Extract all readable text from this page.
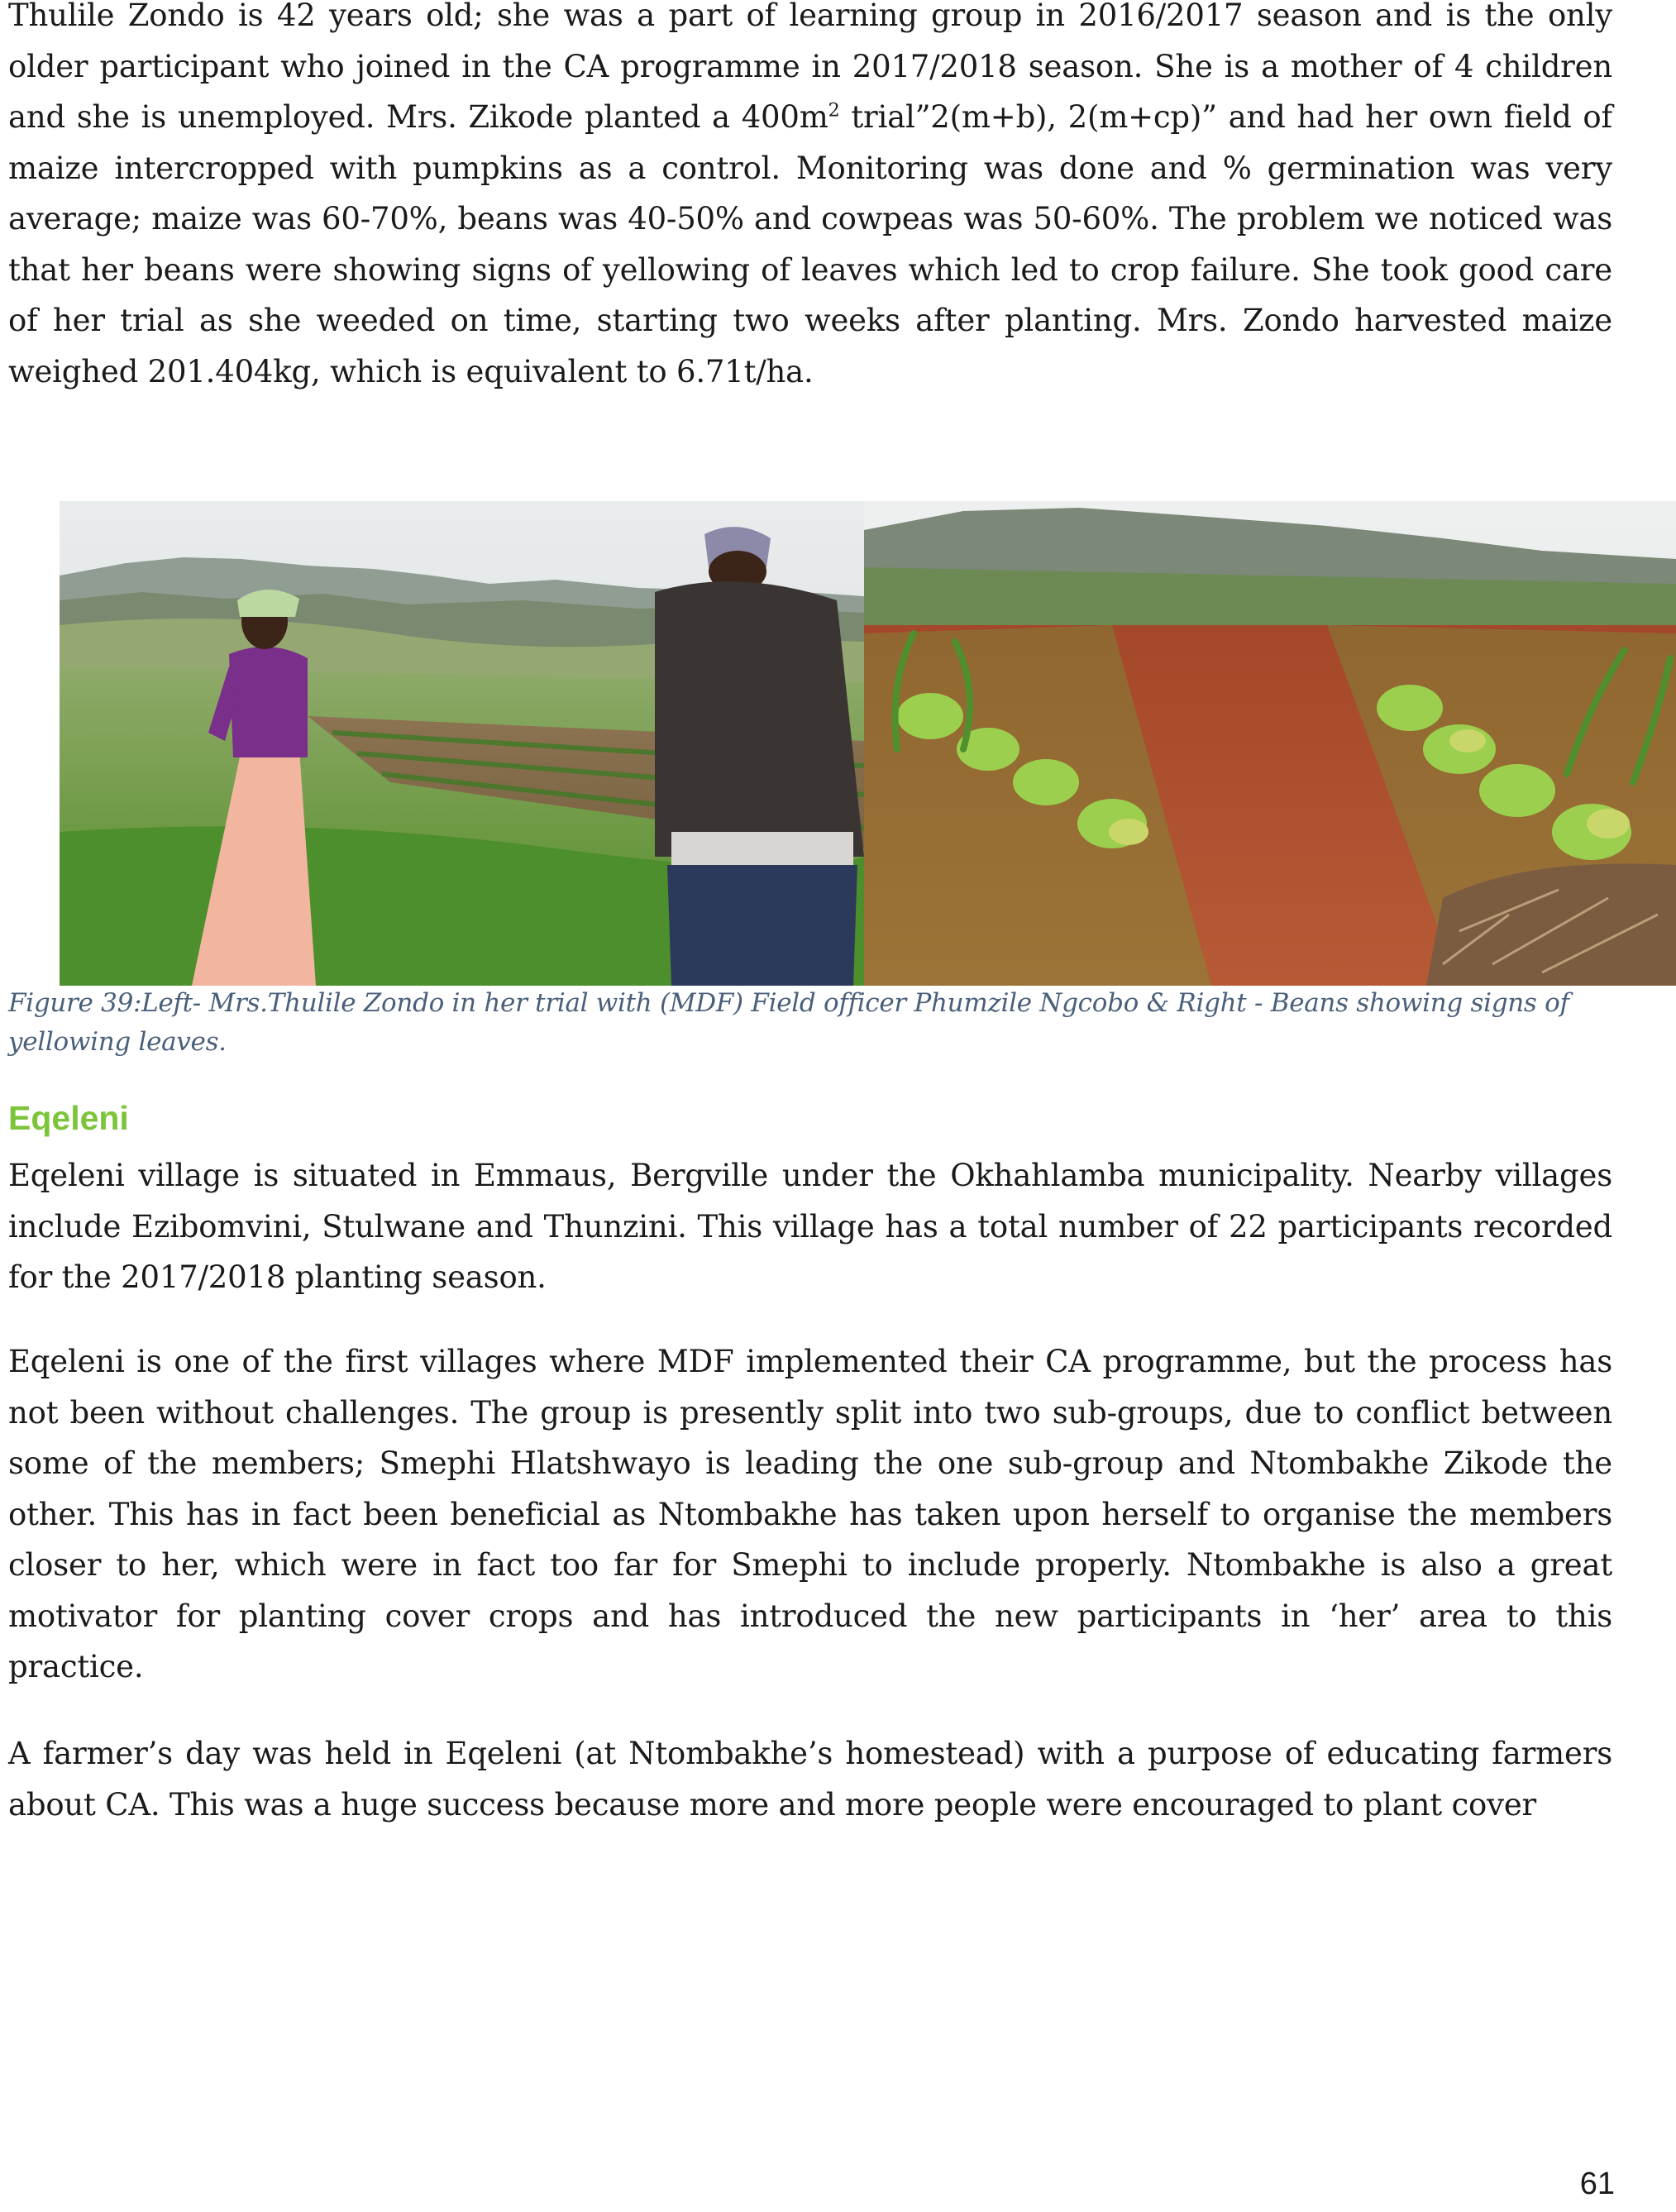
Thulile Zondo is 42 years old; she was a part of learning group in 2016/2017 season and is the only older participant who joined in the CA programme in 2017/2018 season. She is a mother of 4 children and she is unemployed. Mrs. Zikode planted a $400m^2$ trial”2(m+b), 2(m+cp)” and had her own field of maize intercropped with pumpkins as a control. Monitoring was done and % germination was very average; maize was 60-70%, beans was 40-50% and cowpeas was 50-60%. The problem we noticed was that her beans were showing signs of yellowing of leaves which led to crop failure. She took good care of her trial as she weeded on time, starting two weeks after planting. Mrs. Zondo harvested maize weighed 201.404kg, which is equivalent to 6.71t/ha.

Figure 39:Left- Mrs.Thulile Zondo in her trial with (MDF) Field officer Phumzile Ngcobo & Right - Beans showing signs of yellowing leaves.

Eqeleni

Eqeleni village is situated in Emmaus, Bergville under the Okhahlamba municipality. Nearby villages include Ezibomvini, Stulwane and Thunzini. This village has a total number of 22 participants recorded for the 2017/2018 planting season.

Eqeleni is one of the first villages where MDF implemented their CA programme, but the process has not been without challenges. The group is presently split into two sub-groups, due to conflict between some of the members; Smephi Hlatshwayo is leading the one sub-group and Ntombakhe Zikode the other. This has in fact been beneficial as Ntombakhe has taken upon herself to organise the members closer to her, which were in fact too far for Smephi to include properly. Ntombakhe is also a great motivator for planting cover crops and has introduced the new participants in ‘her’ area to this practice.

A farmer’s day was held in Eqeleni (at Ntombakhe’s homestead) with a purpose of educating farmers about CA. This was a huge success because more and more people were encouraged to plant cover

61
